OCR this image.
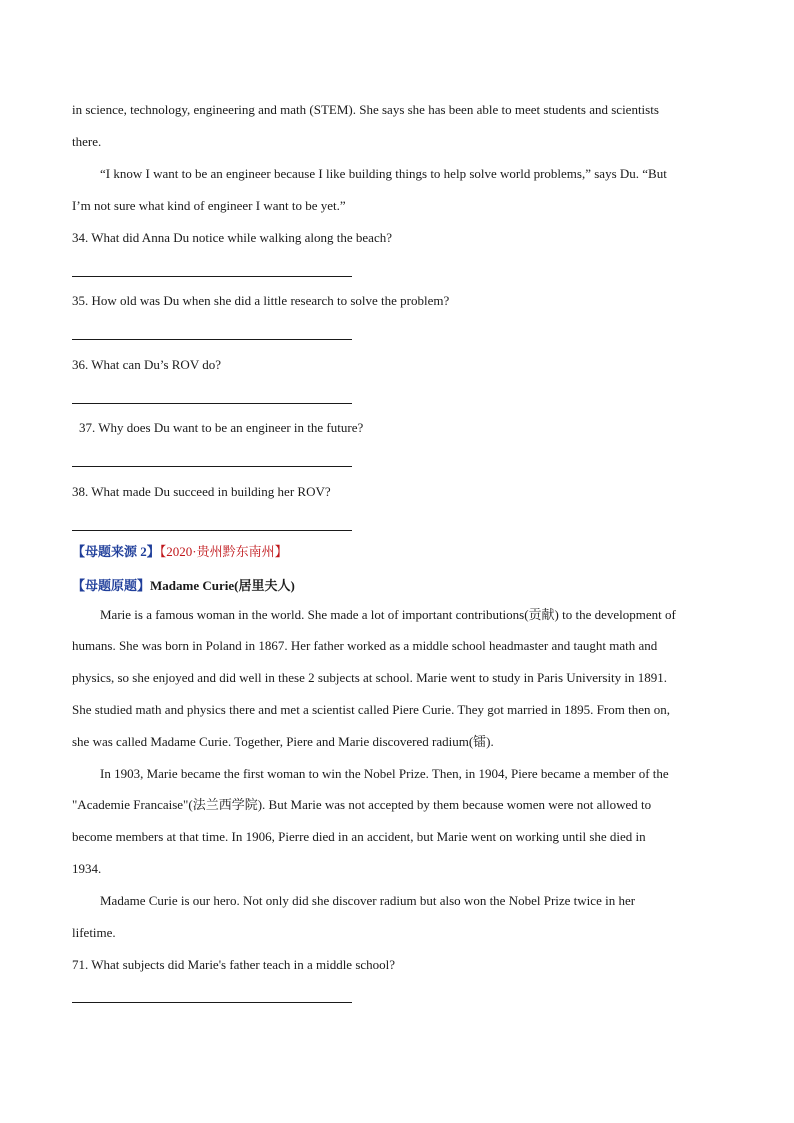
in science, technology, engineering and math (STEM). She says she has been able to meet students and scientists
there.
“I know I want to be an engineer because I like building things to help solve world problems,” says Du. “But
I’m not sure what kind of engineer I want to be yet.”
34. What did Anna Du notice while walking along the beach?
35. How old was Du when she did a little research to solve the problem?
36. What can Du’s ROV do?
37. Why does Du want to be an engineer in the future?
38. What made Du succeed in building her ROV?
【母题来源 2】【2020·贵州黔东南州】
【母题原题】Madame Curie(居里夫人)
Marie is a famous woman in the world. She made a lot of important contributions(贡献) to the development of
humans. She was born in Poland in 1867. Her father worked as a middle school headmaster and taught math and
physics, so she enjoyed and did well in these 2 subjects at school. Marie went to study in Paris University in 1891.
She studied math and physics there and met a scientist called Piere Curie. They got married in 1895. From then on,
she was called Madame Curie. Together, Piere and Marie discovered radium(镭).
In 1903, Marie became the first woman to win the Nobel Prize. Then, in 1904, Piere became a member of the
"Academie Francaise"(法兰西学院). But Marie was not accepted by them because women were not allowed to
become members at that time. In 1906, Pierre died in an accident, but Marie went on working until she died in
1934.
Madame Curie is our hero. Not only did she discover radium but also won the Nobel Prize twice in her
lifetime.
71. What subjects did Marie's father teach in a middle school?
